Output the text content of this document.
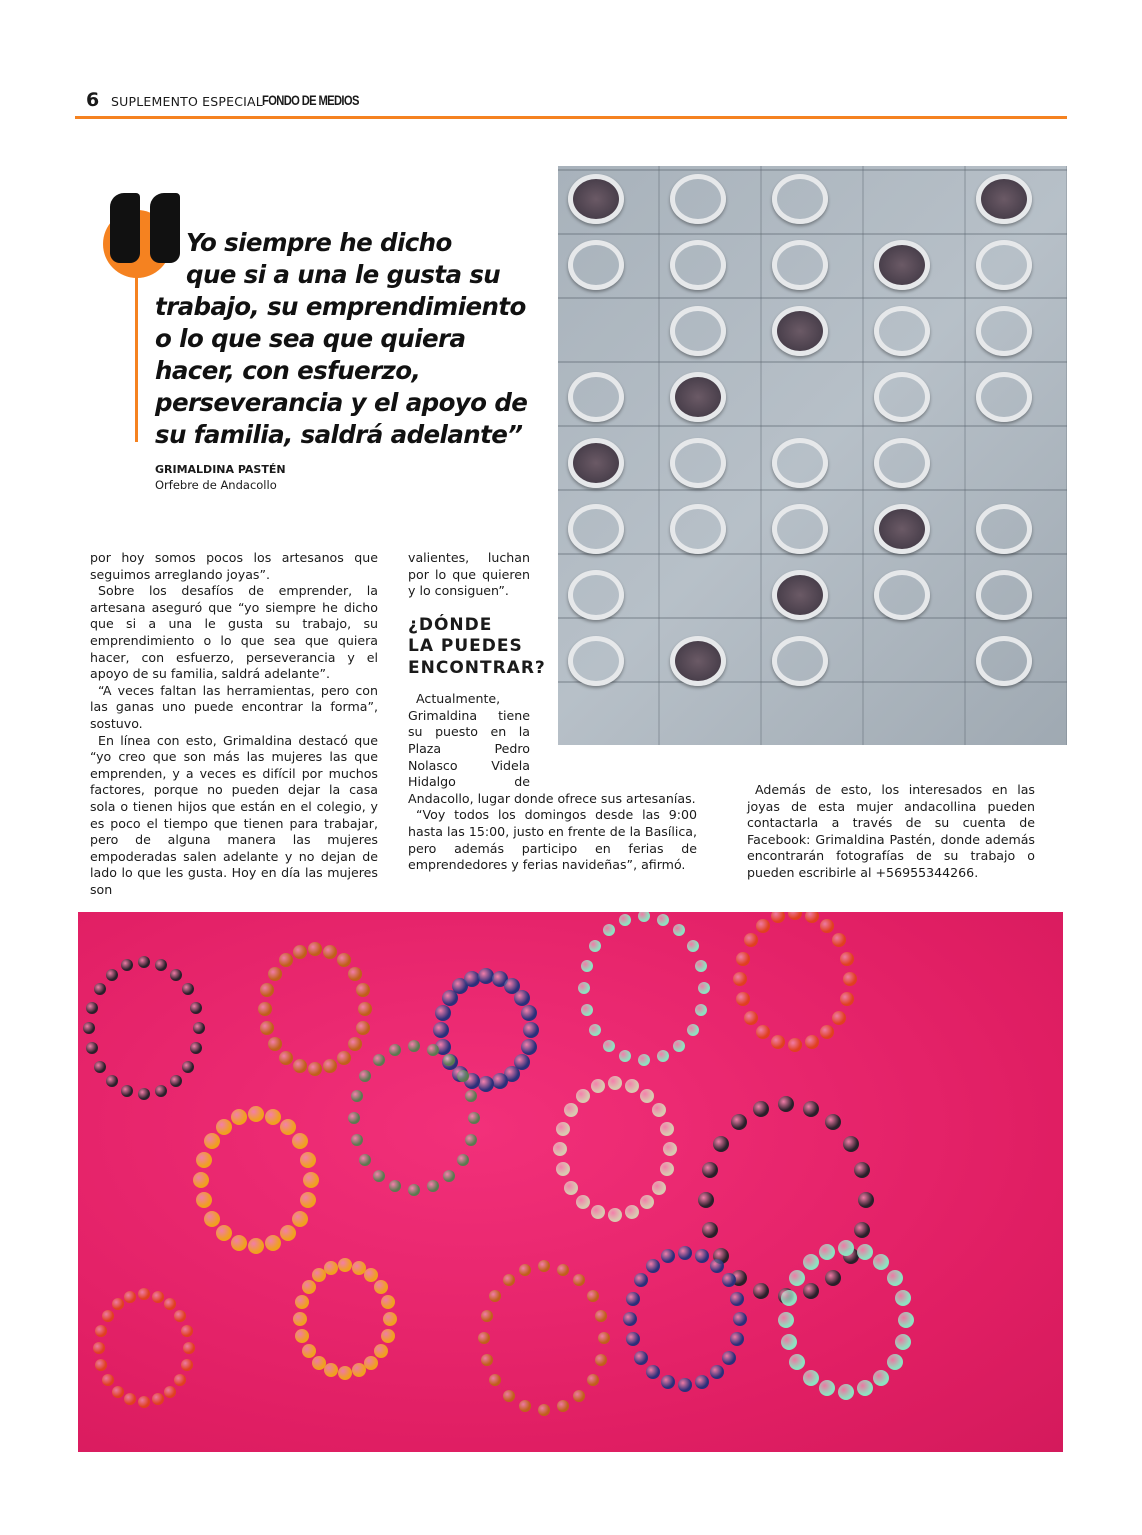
6 SUPLEMENTO ESPECIAL FONDO DE MEDIOS
Yo siempre he dicho
que si a una le gusta su
trabajo, su emprendimiento
o lo que sea que quiera
hacer, con esfuerzo,
perseverancia y el apoyo de
su familia, saldrá adelante”
GRIMALDINA PASTÉN
Orfebre de Andacollo

por hoy somos pocos los artesanos que seguimos arreglando joyas”.

Sobre los desafíos de emprender, la artesana aseguró que “yo siempre he dicho que si a una le gusta su trabajo, su emprendimiento o lo que sea que quiera hacer, con esfuerzo, perseverancia y el apoyo de su familia, saldrá adelante”.

“A veces faltan las herramientas, pero con las ganas uno puede encontrar la forma”, sostuvo.

En línea con esto, Grimaldina destacó que “yo creo que son más las mujeres las que emprenden, y a veces es difícil por muchos factores, porque no pueden dejar la casa sola o tienen hijos que están en el colegio, y es poco el tiempo que tienen para trabajar, pero de alguna manera las mujeres empoderadas salen adelante y no dejan de lado lo que les gusta. Hoy en día las mujeres son

valientes, luchan por lo que quieren y lo consiguen”.

¿DÓNDE LA PUEDES ENCONTRAR?

Actualmente, Grimaldina tiene su puesto en la Plaza Pedro Nolasco Videla Hidalgo de Andacollo, lugar donde ofrece sus artesanías.

“Voy todos los domingos desde las 9:00 hasta las 15:00, justo en frente de la Basílica, pero además participo en ferias de emprendedores y ferias navideñas”, afirmó.

Además de esto, los interesados en las joyas de esta mujer andacollina pueden contactarla a través de su cuenta de Facebook: Grimaldina Pastén, donde además encontrarán fotografías de su trabajo o pueden escribirle al +56955344266.
